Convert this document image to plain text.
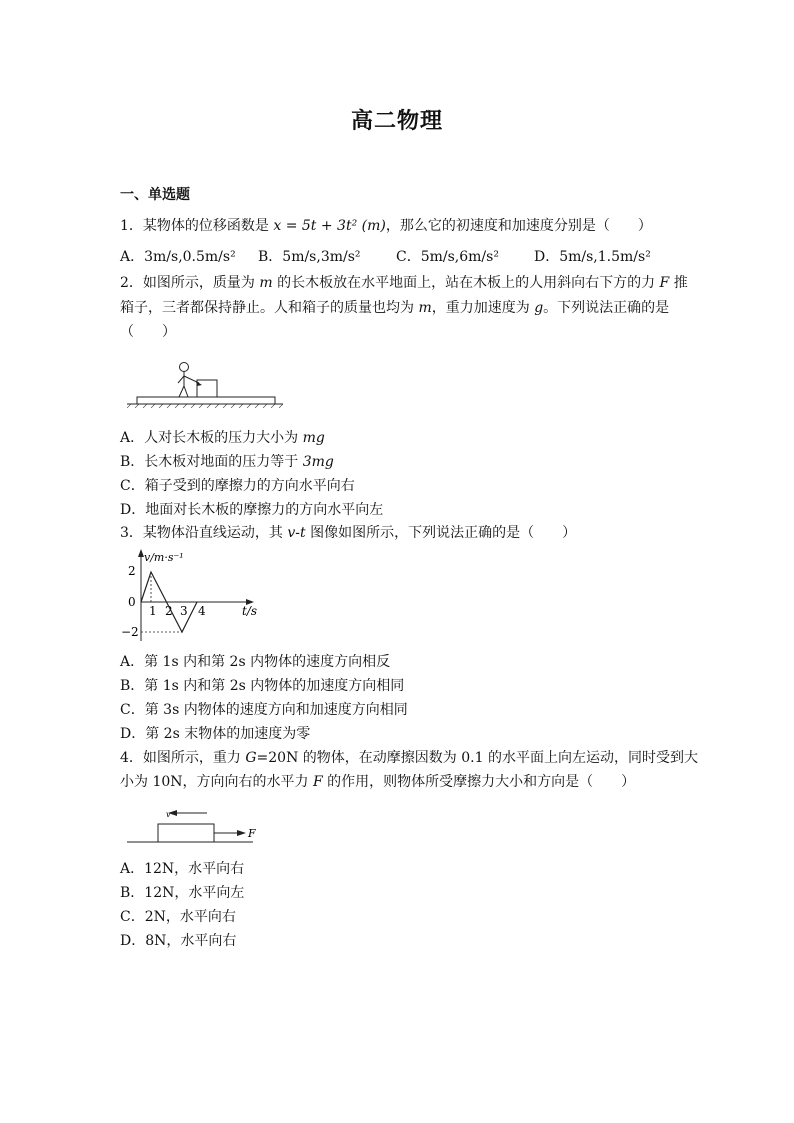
高二物理
一、单选题
1．某物体的位移函数是 x = 5t + 3t² (m)，那么它的初速度和加速度分别是（　　）
A．3m/s,0.5m/s² B．5m/s,3m/s²	C．5m/s,6m/s²	D．5m/s,1.5m/s²
2．如图所示，质量为 m 的长木板放在水平地面上，站在木板上的人用斜向右下方的力 F 推
箱子，三者都保持静止。人和箱子的质量也均为 m，重力加速度为 g。下列说法正确的是
（　　）
A．人对长木板的压力大小为 mg
B．长木板对地面的压力等于 3mg
C．箱子受到的摩擦力的方向水平向右
D．地面对长木板的摩擦力的方向水平向左
3．某物体沿直线运动，其 v-t 图像如图所示，下列说法正确的是（　　）
v/m·s⁻¹
t/s
2
0
−2
1 2 3 4
A．第 1s 内和第 2s 内物体的速度方向相反
B．第 1s 内和第 2s 内物体的加速度方向相同
C．第 3s 内物体的速度方向和加速度方向相同
D．第 2s 末物体的加速度为零
4．如图所示，重力 G=20N 的物体，在动摩擦因数为 0.1 的水平面上向左运动，同时受到大
小为 10N，方向向右的水平力 F 的作用，则物体所受摩擦力大小和方向是（　　）
v
F
A．12N，水平向右
B．12N，水平向左
C．2N，水平向右
D．8N，水平向右
